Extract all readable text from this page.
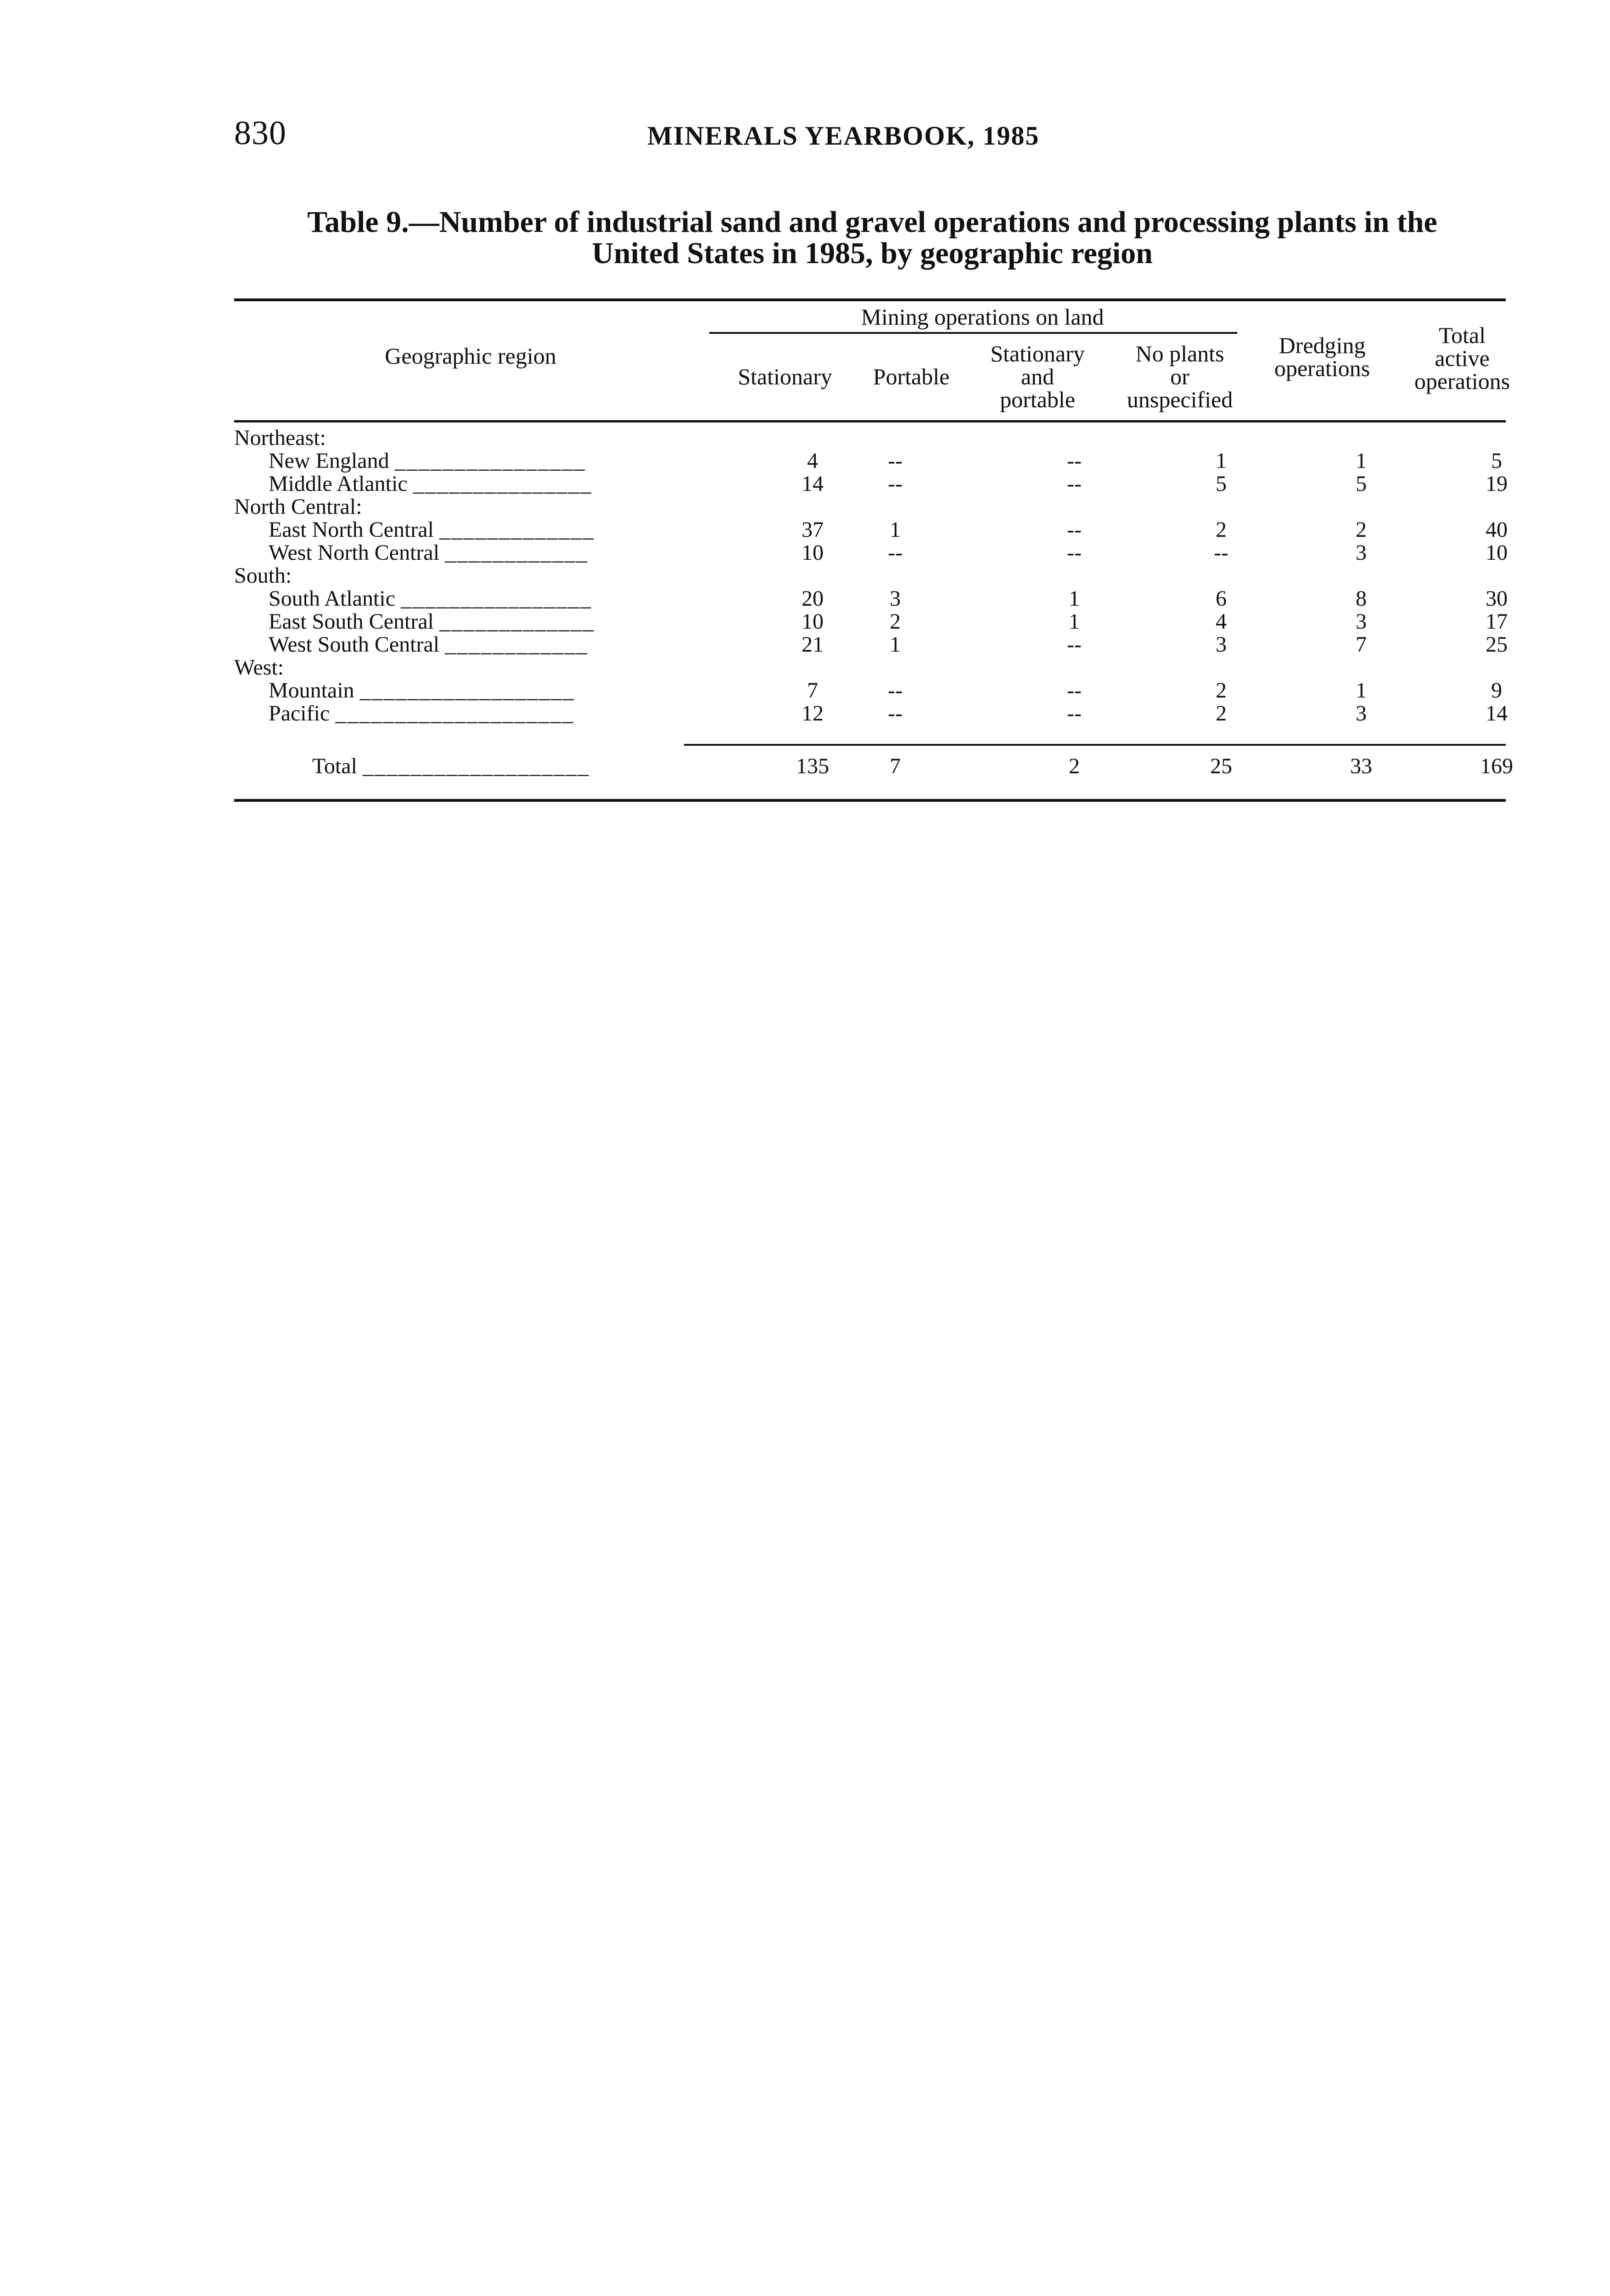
830	MINERALS YEARBOOK, 1985
Table 9.—Number of industrial sand and gravel operations and processing plants in the
United States in 1985, by geographic region
Geographic region
Mining operations on land
Stationary	Portable
Stationary
and
portable
No plants
or
unspecified
Dredging
operations
Total
active
operations
Northeast:
New England ________________	4	--	--	1	1	5
Middle Atlantic _______________	14	--	--	5	5	19
North Central:
East North Central _____________	37	1	--	2	2	40
West North Central ____________	10	--	--	--	3	10
South:
South Atlantic ________________	20	3	1	6	8	30
East South Central _____________	10	2	1	4	3	17
West South Central ____________	21	1	--	3	7	25
West:
Mountain __________________	7	--	--	2	1	9
Pacific ____________________	12	--	--	2	3	14
Total ___________________	135	7	2	25	33	169
